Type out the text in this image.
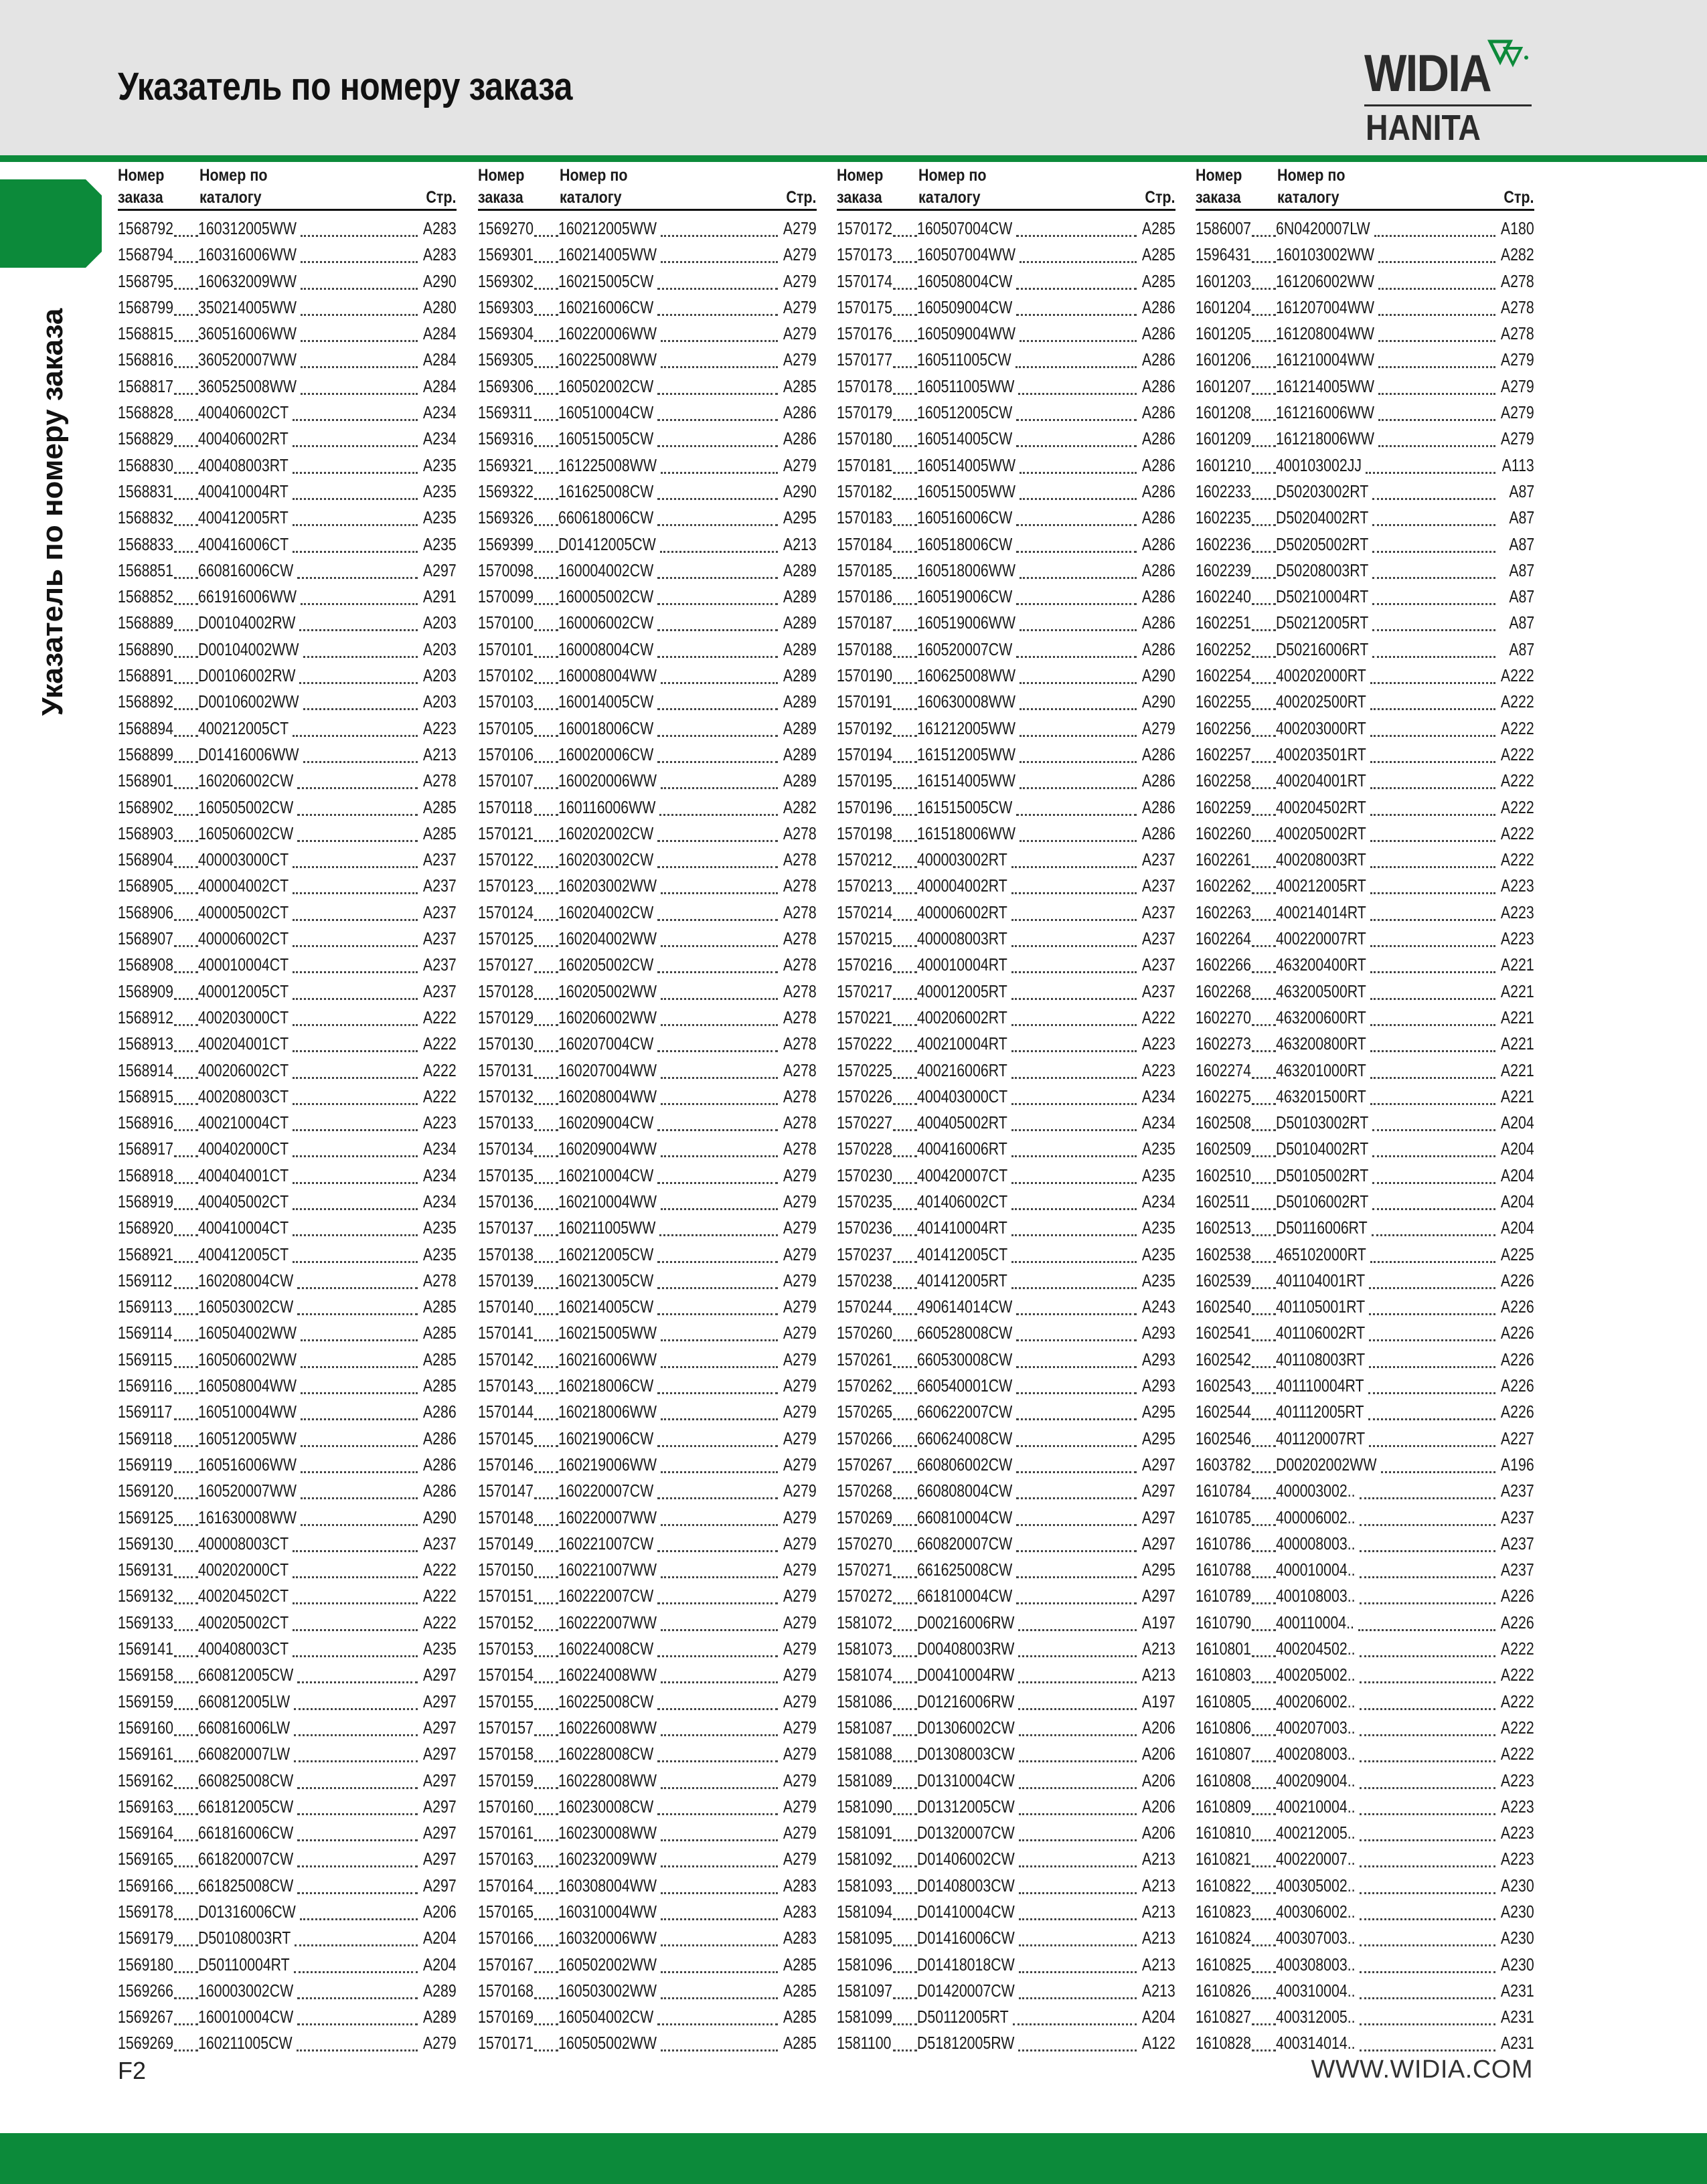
Указатель по номеру заказа	WIDIA
HANITA
Указатель по номеру заказа
Номер
заказа
Номер по
каталогу	Стр.
1568792 160312005WW	A283
1568794 160316006WW	A283
1568795 160632009WW	A290
1568799 350214005WW	A280
1568815 360516006WW	A284
1568816 360520007WW	A284
1568817 360525008WW	A284
1568828 400406002CT	A234
1568829 400406002RT	A234
1568830 400408003RT	A235
1568831 400410004RT	A235
1568832 400412005RT	A235
1568833 400416006CT	A235
1568851 660816006CW	A297
1568852 661916006WW	A291
1568889 D00104002RW	A203
1568890 D00104002WW	A203
1568891 D00106002RW	A203
1568892 D00106002WW	A203
1568894 400212005CT	A223
1568899 D01416006WW	A213
1568901 160206002CW	A278
1568902 160505002CW	A285
1568903 160506002CW	A285
1568904 400003000CT	A237
1568905 400004002CT	A237
1568906 400005002CT	A237
1568907 400006002CT	A237
1568908 400010004CT	A237
1568909 400012005CT	A237
1568912 400203000CT	A222
1568913 400204001CT	A222
1568914 400206002CT	A222
1568915 400208003CT	A222
1568916 400210004CT	A223
1568917 400402000CT	A234
1568918 400404001CT	A234
1568919 400405002CT	A234
1568920 400410004CT	A235
1568921 400412005CT	A235
1569112 160208004CW	A278
1569113 160503002CW	A285
1569114 160504002WW	A285
1569115 160506002WW	A285
1569116 160508004WW	A285
1569117 160510004WW	A286
1569118 160512005WW	A286
1569119 160516006WW	A286
1569120 160520007WW	A286
1569125 161630008WW	A290
1569130 400008003CT	A237
1569131 400202000CT	A222
1569132 400204502CT	A222
1569133 400205002CT	A222
1569141 400408003CT	A235
1569158 660812005CW	A297
1569159 660812005LW	A297
1569160 660816006LW	A297
1569161 660820007LW	A297
1569162 660825008CW	A297
1569163 661812005CW	A297
1569164 661816006CW	A297
1569165 661820007CW	A297
1569166 661825008CW	A297
1569178 D01316006CW	A206
1569179 D50108003RT	A204
1569180 D50110004RT	A204
1569266 160003002CW	A289
1569267 160010004CW	A289
1569269 160211005CW	A279
Номер
заказа
Номер по
каталогу	Стр.
1569270 160212005WW	A279
1569301 160214005WW	A279
1569302 160215005CW	A279
1569303 160216006CW	A279
1569304 160220006WW	A279
1569305 160225008WW	A279
1569306 160502002CW	A285
1569311 160510004CW	A286
1569316 160515005CW	A286
1569321 161225008WW	A279
1569322 161625008CW	A290
1569326 660618006CW	A295
1569399 D01412005CW	A213
1570098 160004002CW	A289
1570099 160005002CW	A289
1570100 160006002CW	A289
1570101 160008004CW	A289
1570102 160008004WW	A289
1570103 160014005CW	A289
1570105 160018006CW	A289
1570106 160020006CW	A289
1570107 160020006WW	A289
1570118 160116006WW	A282
1570121 160202002CW	A278
1570122 160203002CW	A278
1570123 160203002WW	A278
1570124 160204002CW	A278
1570125 160204002WW	A278
1570127 160205002CW	A278
1570128 160205002WW	A278
1570129 160206002WW	A278
1570130 160207004CW	A278
1570131 160207004WW	A278
1570132 160208004WW	A278
1570133 160209004CW	A278
1570134 160209004WW	A278
1570135 160210004CW	A279
1570136 160210004WW	A279
1570137 160211005WW	A279
1570138 160212005CW	A279
1570139 160213005CW	A279
1570140 160214005CW	A279
1570141 160215005WW	A279
1570142 160216006WW	A279
1570143 160218006CW	A279
1570144 160218006WW	A279
1570145 160219006CW	A279
1570146 160219006WW	A279
1570147 160220007CW	A279
1570148 160220007WW	A279
1570149 160221007CW	A279
1570150 160221007WW	A279
1570151 160222007CW	A279
1570152 160222007WW	A279
1570153 160224008CW	A279
1570154 160224008WW	A279
1570155 160225008CW	A279
1570157 160226008WW	A279
1570158 160228008CW	A279
1570159 160228008WW	A279
1570160 160230008CW	A279
1570161 160230008WW	A279
1570163 160232009WW	A279
1570164 160308004WW	A283
1570165 160310004WW	A283
1570166 160320006WW	A283
1570167 160502002WW	A285
1570168 160503002WW	A285
1570169 160504002CW	A285
1570171 160505002WW	A285
Номер
заказа
Номер по
каталогу	Стр.
1570172 160507004CW	A285
1570173 160507004WW	A285
1570174 160508004CW	A285
1570175 160509004CW	A286
1570176 160509004WW	A286
1570177 160511005CW	A286
1570178 160511005WW	A286
1570179 160512005CW	A286
1570180 160514005CW	A286
1570181 160514005WW	A286
1570182 160515005WW	A286
1570183 160516006CW	A286
1570184 160518006CW	A286
1570185 160518006WW	A286
1570186 160519006CW	A286
1570187 160519006WW	A286
1570188 160520007CW	A286
1570190 160625008WW	A290
1570191 160630008WW	A290
1570192 161212005WW	A279
1570194 161512005WW	A286
1570195 161514005WW	A286
1570196 161515005CW	A286
1570198 161518006WW	A286
1570212 400003002RT	A237
1570213 400004002RT	A237
1570214 400006002RT	A237
1570215 400008003RT	A237
1570216 400010004RT	A237
1570217 400012005RT	A237
1570221 400206002RT	A222
1570222 400210004RT	A223
1570225 400216006RT	A223
1570226 400403000CT	A234
1570227 400405002RT	A234
1570228 400416006RT	A235
1570230 400420007CT	A235
1570235 401406002CT	A234
1570236 401410004RT	A235
1570237 401412005CT	A235
1570238 401412005RT	A235
1570244 490614014CW	A243
1570260 660528008CW	A293
1570261 660530008CW	A293
1570262 660540001CW	A293
1570265 660622007CW	A295
1570266 660624008CW	A295
1570267 660806002CW	A297
1570268 660808004CW	A297
1570269 660810004CW	A297
1570270 660820007CW	A297
1570271 661625008CW	A295
1570272 661810004CW	A297
1581072 D00216006RW	A197
1581073 D00408003RW	A213
1581074 D00410004RW	A213
1581086 D01216006RW	A197
1581087 D01306002CW	A206
1581088 D01308003CW	A206
1581089 D01310004CW	A206
1581090 D01312005CW	A206
1581091 D01320007CW	A206
1581092 D01406002CW	A213
1581093 D01408003CW	A213
1581094 D01410004CW	A213
1581095 D01416006CW	A213
1581096 D01418018CW	A213
1581097 D01420007CW	A213
1581099 D50112005RT	A204
1581100 D51812005RW	A122
Номер
заказа
Номер по
каталогу	Стр.
1586007 6N0420007LW	A180
1596431 160103002WW	A282
1601203 161206002WW	A278
1601204 161207004WW	A278
1601205 161208004WW	A278
1601206 161210004WW	A279
1601207 161214005WW	A279
1601208 161216006WW	A279
1601209 161218006WW	A279
1601210 400103002JJ	A113
1602233 D50203002RT	A87
1602235 D50204002RT	A87
1602236 D50205002RT	A87
1602239 D50208003RT	A87
1602240 D50210004RT	A87
1602251 D50212005RT	A87
1602252 D50216006RT	A87
1602254 400202000RT	A222
1602255 400202500RT	A222
1602256 400203000RT	A222
1602257 400203501RT	A222
1602258 400204001RT	A222
1602259 400204502RT	A222
1602260 400205002RT	A222
1602261 400208003RT	A222
1602262 400212005RT	A223
1602263 400214014RT	A223
1602264 400220007RT	A223
1602266 463200400RT	A221
1602268 463200500RT	A221
1602270 463200600RT	A221
1602273 463200800RT	A221
1602274 463201000RT	A221
1602275 463201500RT	A221
1602508 D50103002RT	A204
1602509 D50104002RT	A204
1602510 D50105002RT	A204
1602511 D50106002RT	A204
1602513 D50116006RT	A204
1602538 465102000RT	A225
1602539 401104001RT	A226
1602540 401105001RT	A226
1602541 401106002RT	A226
1602542 401108003RT	A226
1602543 401110004RT	A226
1602544 401112005RT	A226
1602546 401120007RT	A227
1603782 D00202002WW	A196
1610784 400003002..	A237
1610785 400006002..	A237
1610786 400008003..	A237
1610788 400010004..	A237
1610789 400108003..	A226
1610790 400110004..	A226
1610801 400204502..	A222
1610803 400205002..	A222
1610805 400206002..	A222
1610806 400207003..	A222
1610807 400208003..	A222
1610808 400209004..	A223
1610809 400210004..	A223
1610810 400212005..	A223
1610821 400220007..	A223
1610822 400305002..	A230
1610823 400306002..	A230
1610824 400307003..	A230
1610825 400308003..	A230
1610826 400310004..	A231
1610827 400312005..	A231
1610828 400314014..	A231
F2	WWW.WIDIA.COM
